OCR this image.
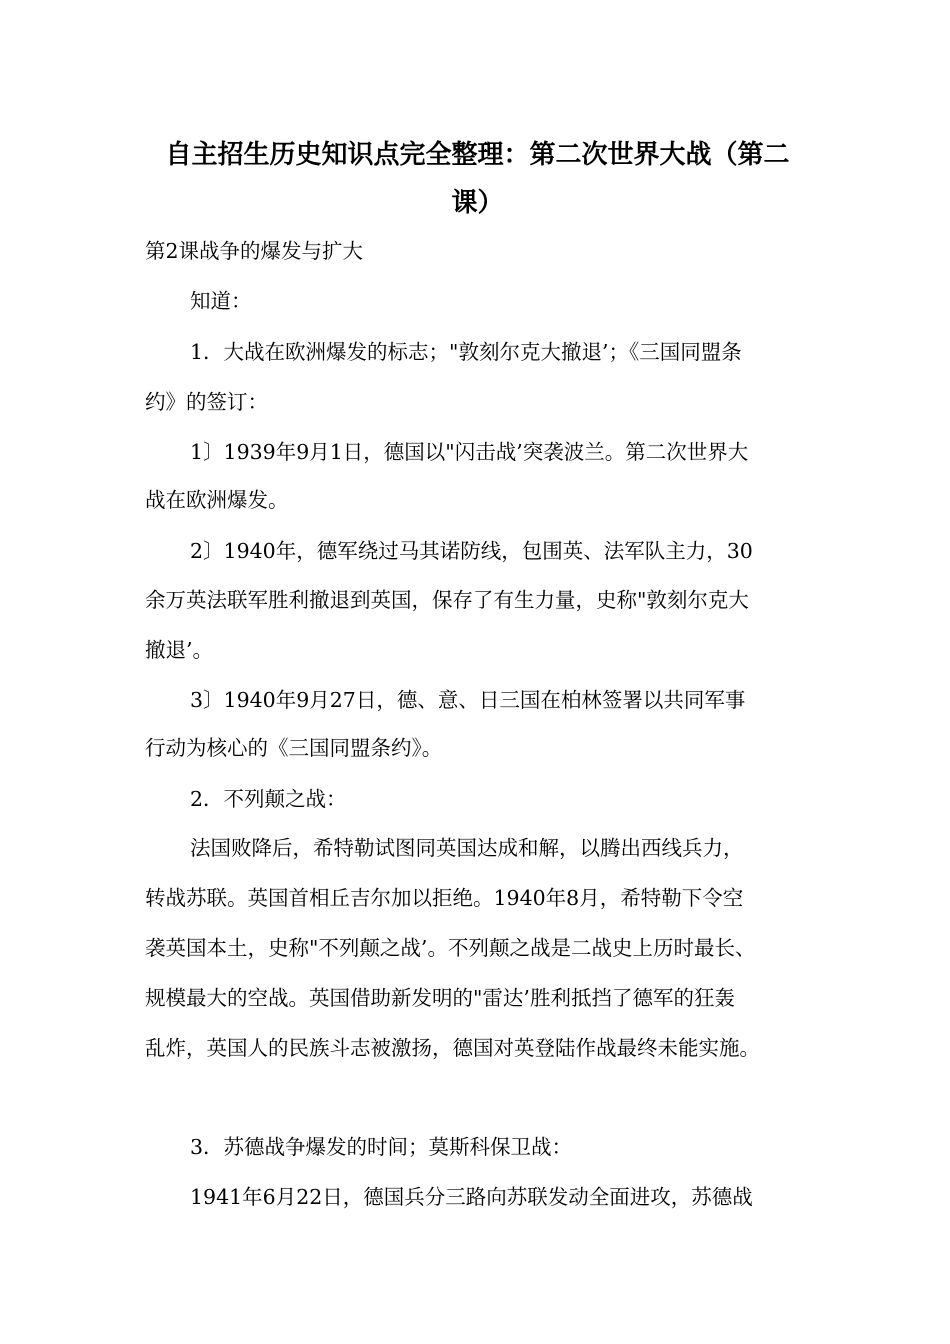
自主招生历史知识点完全整理：第二次世界大战（第二
课）
第2课战争的爆发与扩大
知道：
1．大战在欧洲爆发的标志；"敦刻尔克大撤退’；《三国同盟条
约》的签订：
1〕1939年9月1日，德国以"闪击战’突袭波兰。第二次世界大
战在欧洲爆发。
2〕1940年，德军绕过马其诺防线，包围英、法军队主力，30
余万英法联军胜利撤退到英国，保存了有生力量，史称"敦刻尔克大
撤退’。
3〕1940年9月27日，德、意、日三国在柏林签署以共同军事
行动为核心的《三国同盟条约》。
2．不列颠之战：
法国败降后，希特勒试图同英国达成和解，以腾出西线兵力，
转战苏联。英国首相丘吉尔加以拒绝。1940年8月，希特勒下令空
袭英国本土，史称"不列颠之战’。不列颠之战是二战史上历时最长、
规模最大的空战。英国借助新发明的"雷达’胜利抵挡了德军的狂轰
乱炸，英国人的民族斗志被激扬，德国对英登陆作战最终未能实施。
3．苏德战争爆发的时间；莫斯科保卫战：
1941年6月22日，德国兵分三路向苏联发动全面进攻，苏德战
